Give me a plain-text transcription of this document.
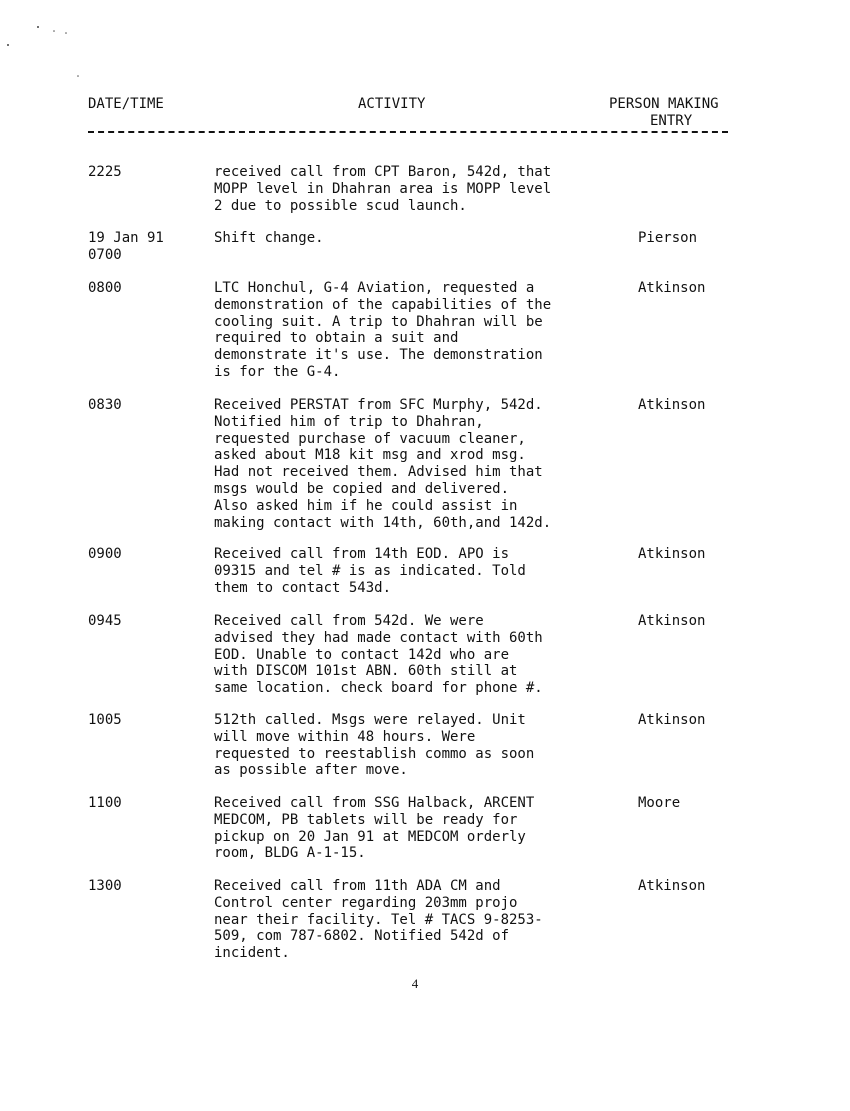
DATE/TIME	ACTIVITY	PERSON MAKING
ENTRY
2225	received call from CPT Baron, 542d, that
MOPP level in Dhahran area is MOPP level
2 due to possible scud launch.
19 Jan 91
0700
Shift change.	Pierson
0800	LTC Honchul, G-4 Aviation, requested a
demonstration of the capabilities of the
cooling suit. A trip to Dhahran will be
required to obtain a suit and
demonstrate it's use. The demonstration
is for the G-4.
Atkinson
0830	Received PERSTAT from SFC Murphy, 542d.
Notified him of trip to Dhahran,
requested purchase of vacuum cleaner,
asked about M18 kit msg and xrod msg.
Had not received them. Advised him that
msgs would be copied and delivered.
Also asked him if he could assist in
making contact with 14th, 60th,and 142d.
Atkinson
0900	Received call from 14th EOD. APO is
09315 and tel # is as indicated. Told
them to contact 543d.
Atkinson
0945	Received call from 542d. We were
advised they had made contact with 60th
EOD. Unable to contact 142d who are
with DISCOM 101st ABN. 60th still at
same location. check board for phone #.
Atkinson
1005	512th called. Msgs were relayed. Unit
will move within 48 hours. Were
requested to reestablish commo as soon
as possible after move.
Atkinson
1100	Received call from SSG Halback, ARCENT
MEDCOM, PB tablets will be ready for
pickup on 20 Jan 91 at MEDCOM orderly
room, BLDG A-1-15.
Moore
1300	Received call from 11th ADA CM and
Control center regarding 203mm projo
near their facility. Tel # TACS 9-8253-
509, com 787-6802. Notified 542d of
incident.
Atkinson
4
